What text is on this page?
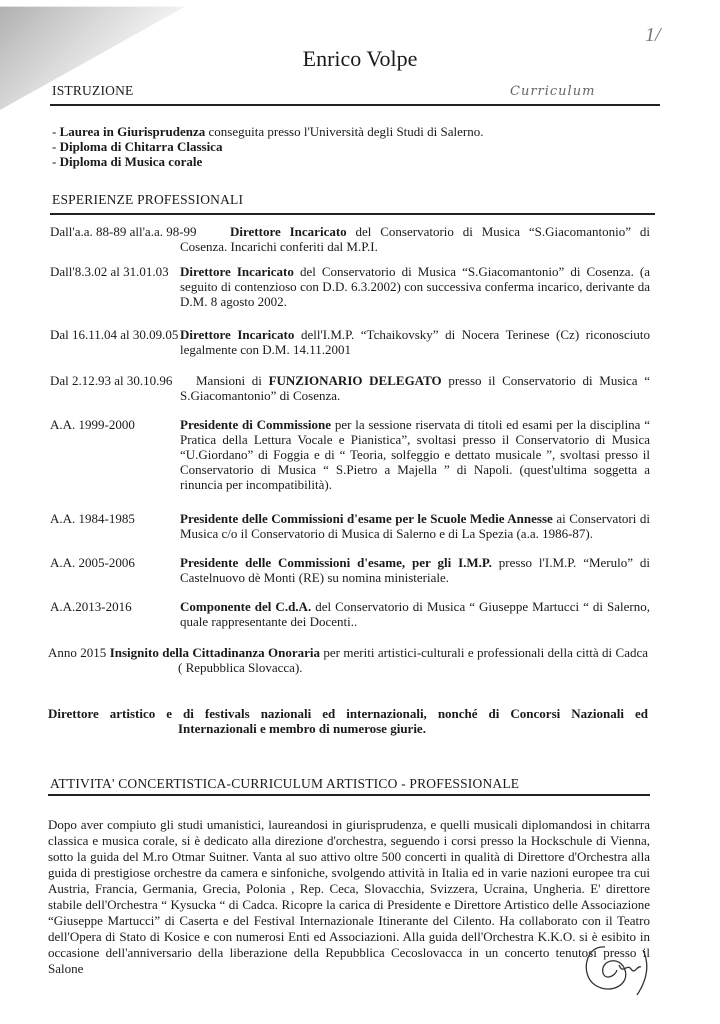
1/
Enrico Volpe
ISTRUZIONE	Curriculum
- Laurea in Giurisprudenza conseguita presso l'Università degli Studi di Salerno.
- Diploma di Chitarra Classica
- Diploma di Musica corale
ESPERIENZE PROFESSIONALI
Dall'a.a. 88-89 all'a.a. 98-99	Direttore Incaricato del Conservatorio di Musica “S.Giacomantonio” di Cosenza. Incarichi conferiti dal M.P.I.
Dall'8.3.02 al 31.01.03 Direttore Incaricato del Conservatorio di Musica “S.Giacomantonio” di Cosenza. (a seguito di contenzioso con D.D. 6.3.2002) con successiva conferma incarico, derivante da D.M. 8 agosto 2002.
Dal 16.11.04 al 30.09.05 Direttore Incaricato dell'I.M.P. “Tchaikovsky” di Nocera Terinese (Cz) riconosciuto legalmente con D.M. 14.11.2001
Dal 2.12.93 al 30.10.96	Mansioni di FUNZIONARIO DELEGATO presso il Conservatorio di Musica “ S.Giacomantonio” di Cosenza.
A.A. 1999-2000	Presidente di Commissione per la sessione riservata di titoli ed esami per la disciplina “ Pratica della Lettura Vocale e Pianistica”, svoltasi presso il Conservatorio di Musica “U.Giordano” di Foggia e di “ Teoria, solfeggio e dettato musicale ”, svoltasi presso il Conservatorio di Musica “ S.Pietro a Majella ” di Napoli. (quest'ultima soggetta a rinuncia per incompatibilità).
A.A. 1984-1985	Presidente delle Commissioni d'esame per le Scuole Medie Annesse ai Conservatori di Musica c/o il Conservatorio di Musica di Salerno e di La Spezia (a.a. 1986-87).
A.A. 2005-2006	Presidente delle Commissioni d'esame, per gli I.M.P. presso l'I.M.P. “Merulo” di Castelnuovo dè Monti (RE) su nomina ministeriale.
A.A.2013-2016	Componente del C.d.A. del Conservatorio di Musica “ Giuseppe Martucci “ di Salerno, quale rappresentante dei Docenti..
Anno 2015 Insignito della Cittadinanza Onoraria per meriti artistici-culturali e professionali della città di Cadca ( Repubblica Slovacca).
Direttore artistico e di festivals nazionali ed internazionali, nonché di Concorsi Nazionali ed
Internazionali e membro di numerose giurie.
ATTIVITA' CONCERTISTICA-CURRICULUM ARTISTICO - PROFESSIONALE
Dopo aver compiuto gli studi umanistici, laureandosi in giurisprudenza, e quelli musicali diplomandosi in chitarra classica e musica corale, si è dedicato alla direzione d'orchestra, seguendo i corsi presso la Hockschule di Vienna, sotto la guida del M.ro Otmar Suitner. Vanta al suo attivo oltre 500 concerti in qualità di Direttore d'Orchestra alla guida di prestigiose orchestre da camera e sinfoniche, svolgendo attività in Italia ed in varie nazioni europee tra cui Austria, Francia, Germania, Grecia, Polonia , Rep. Ceca, Slovacchia, Svizzera, Ucraina, Ungheria. E' direttore stabile dell'Orchestra “ Kysucka “ di Cadca. Ricopre la carica di Presidente e Direttore Artistico delle Associazione “Giuseppe Martucci” di Caserta e del Festival Internazionale Itinerante del Cilento. Ha collaborato con il Teatro dell'Opera di Stato di Kosice e con numerosi Enti ed Associazioni. Alla guida dell'Orchestra K.K.O. si è esibito in occasione dell'anniversario della liberazione della Repubblica Cecoslovacca in un concerto tenutosi presso il Salone
